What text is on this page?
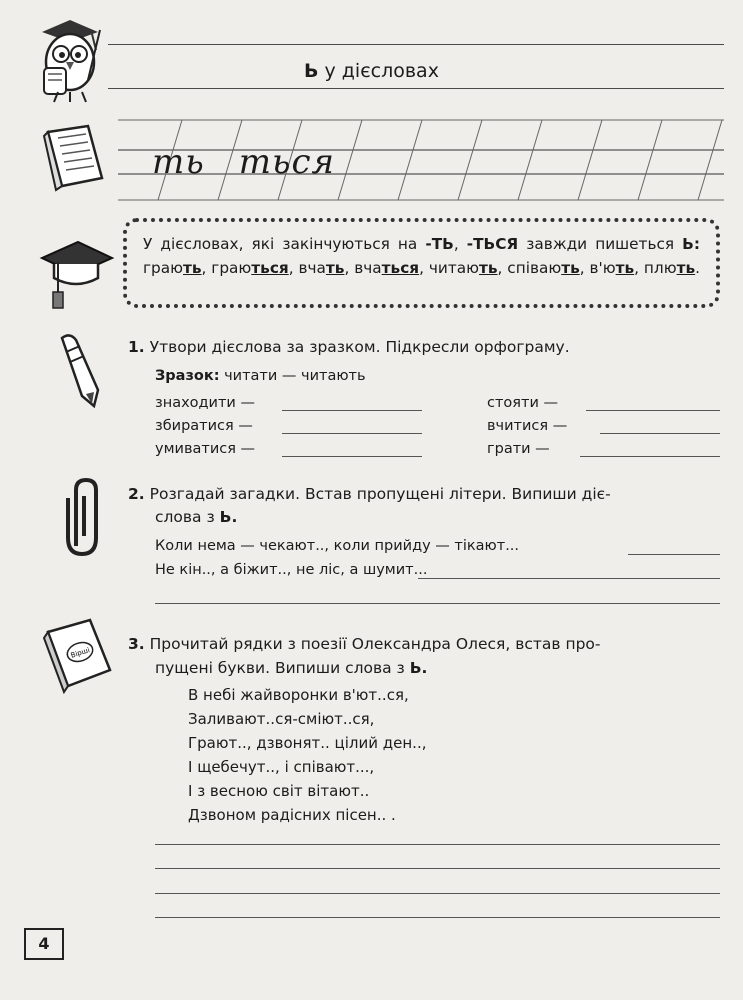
Ь у дієсловах
ть ться
У дієсловах, які закінчуються на -ТЬ, -ТЬСЯ завжди пишеться Ь: грають, граються, вчать, вчаться, читають, співають, в'ють, плють.
1. Утвори дієслова за зразком. Підкресли орфограму.
Зразок: читати — читають
знаходити —	стояти —
збиратися —	вчитися —
умиватися —	грати —
2. Розгадай загадки. Встав пропущені літери. Випиши діє-
слова з Ь.
Коли нема — чекают.., коли прийду — тікают...
Не кін.., а біжит.., не ліс, а шумит...
Вірші 3. Прочитай рядки з поезії Олександра Олеся, встав про-
пущені букви. Випиши слова з Ь.
В небі жайворонки в'ют..ся,
Заливают..ся-сміют..ся,
Грают.., дзвонят.. цілий ден..,
І щебечут.., і співают...,
І з весною світ вітают..
Дзвоном радісних пісен.. .
4
